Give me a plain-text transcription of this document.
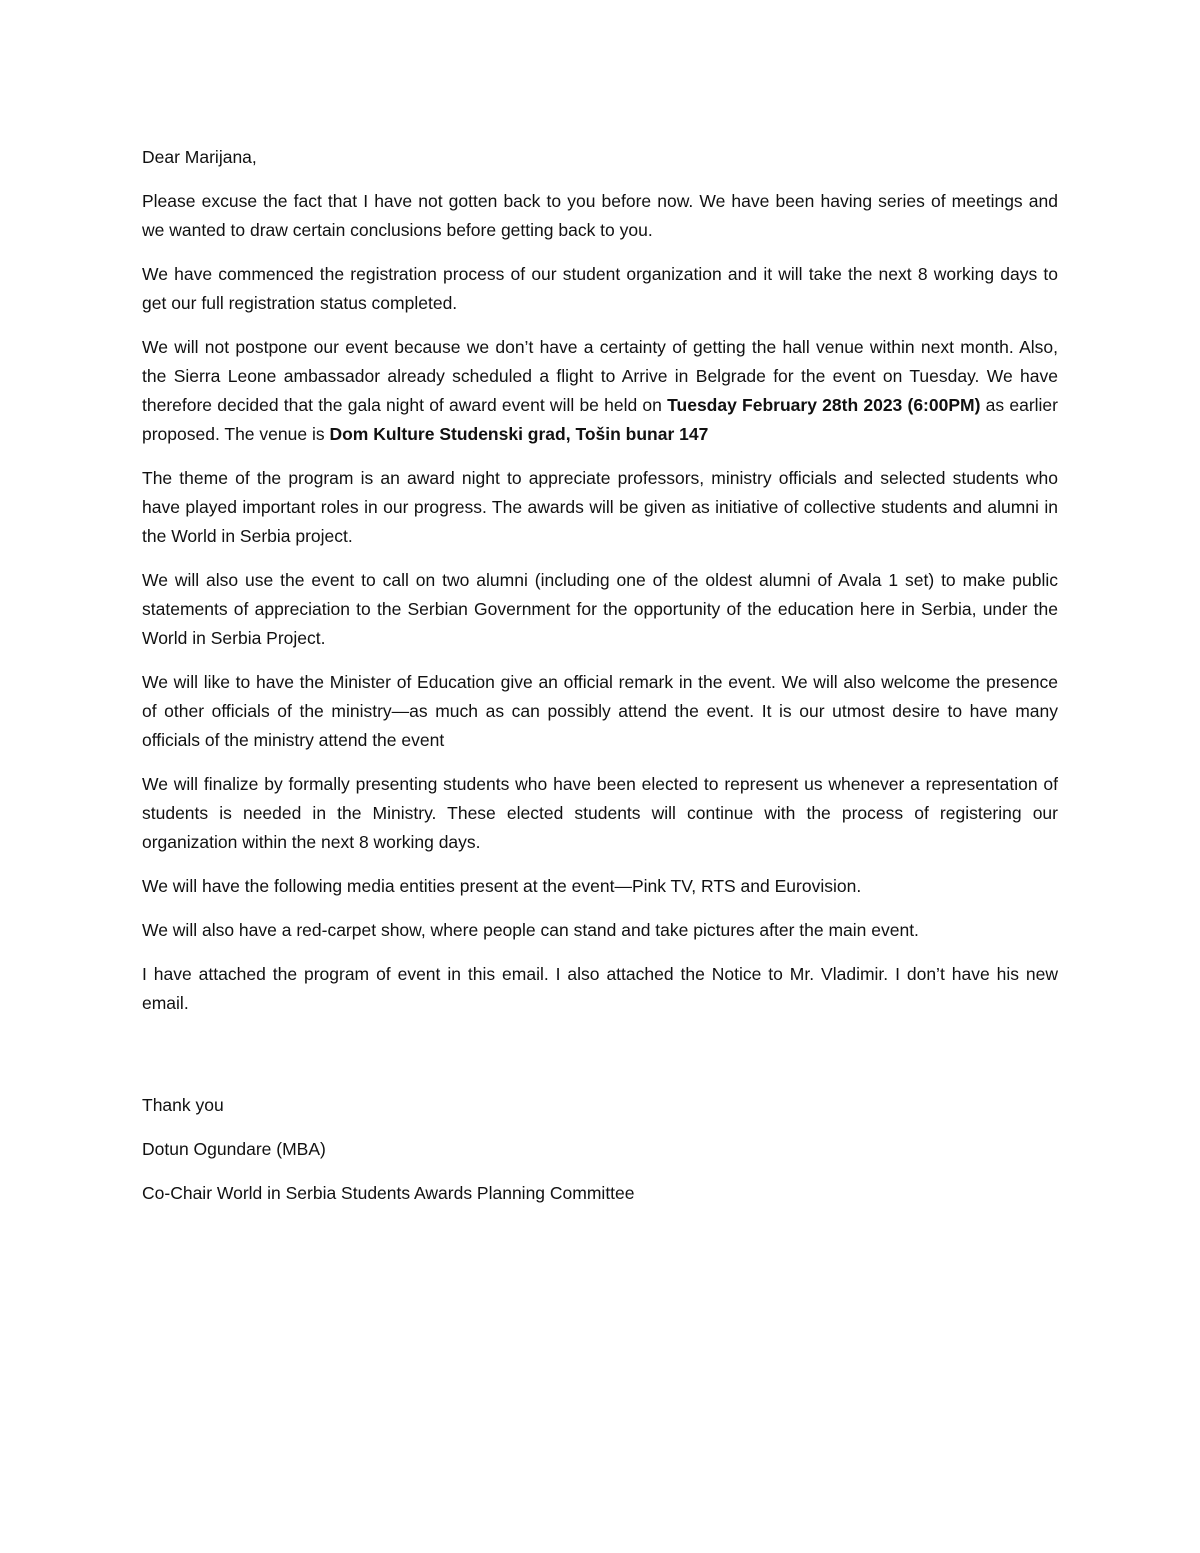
Dear Marijana,

Please excuse the fact that I have not gotten back to you before now. We have been having series of meetings and we wanted to draw certain conclusions before getting back to you.

We have commenced the registration process of our student organization and it will take the next 8 working days to get our full registration status completed.

We will not postpone our event because we don’t have a certainty of getting the hall venue within next month. Also, the Sierra Leone ambassador already scheduled a flight to Arrive in Belgrade for the event on Tuesday. We have therefore decided that the gala night of award event will be held on Tuesday February 28th 2023 (6:00PM) as earlier proposed. The venue is Dom Kulture Studenski grad, Tošin bunar 147

The theme of the program is an award night to appreciate professors, ministry officials and selected students who have played important roles in our progress. The awards will be given as initiative of collective students and alumni in the World in Serbia project.

We will also use the event to call on two alumni (including one of the oldest alumni of Avala 1 set) to make public statements of appreciation to the Serbian Government for the opportunity of the education here in Serbia, under the World in Serbia Project.

We will like to have the Minister of Education give an official remark in the event. We will also welcome the presence of other officials of the ministry—as much as can possibly attend the event. It is our utmost desire to have many officials of the ministry attend the event

We will finalize by formally presenting students who have been elected to represent us whenever a representation of students is needed in the Ministry. These elected students will continue with the process of registering our organization within the next 8 working days.

We will have the following media entities present at the event—Pink TV, RTS and Eurovision.

We will also have a red-carpet show, where people can stand and take pictures after the main event.

I have attached the program of event in this email. I also attached the Notice to Mr. Vladimir. I don’t have his new email.

Thank you

Dotun Ogundare (MBA)

Co-Chair World in Serbia Students Awards Planning Committee
